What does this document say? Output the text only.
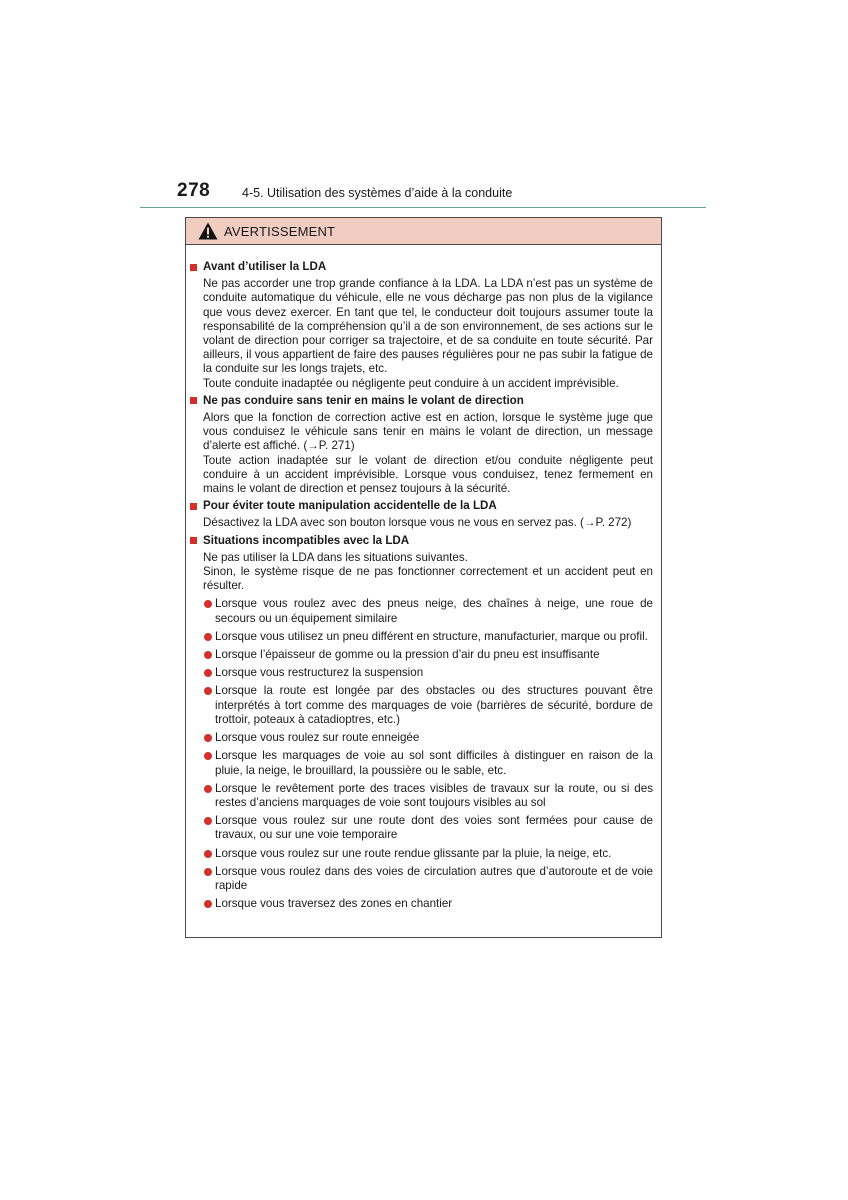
278	4-5. Utilisation des systèmes d’aide à la conduite
AVERTISSEMENT
Avant d’utiliser la LDA

Ne pas accorder une trop grande confiance à la LDA. La LDA n’est pas un système de conduite automatique du véhicule, elle ne vous décharge pas non plus de la vigilance que vous devez exercer. En tant que tel, le conducteur doit toujours assumer toute la responsabilité de la compréhension qu’il a de son environnement, de ses actions sur le volant de direction pour corriger sa trajectoire, et de sa conduite en toute sécurité. Par ailleurs, il vous appartient de faire des pauses régulières pour ne pas subir la fatigue de la conduite sur les longs trajets, etc.

Toute conduite inadaptée ou négligente peut conduire à un accident imprévisible.

Ne pas conduire sans tenir en mains le volant de direction

Alors que la fonction de correction active est en action, lorsque le système juge que vous conduisez le véhicule sans tenir en mains le volant de direction, un message d’alerte est affiché. (→P. 271)

Toute action inadaptée sur le volant de direction et/ou conduite négligente peut conduire à un accident imprévisible. Lorsque vous conduisez, tenez fermement en mains le volant de direction et pensez toujours à la sécurité.

Pour éviter toute manipulation accidentelle de la LDA

Désactivez la LDA avec son bouton lorsque vous ne vous en servez pas. (→P. 272)

Situations incompatibles avec la LDA

Ne pas utiliser la LDA dans les situations suivantes.

Sinon, le système risque de ne pas fonctionner correctement et un accident peut en résulter.

Lorsque vous roulez avec des pneus neige, des chaînes à neige, une roue de secours ou un équipement similaire
Lorsque vous utilisez un pneu différent en structure, manufacturier, marque ou profil.
Lorsque l’épaisseur de gomme ou la pression d’air du pneu est insuffisante
Lorsque vous restructurez la suspension
Lorsque la route est longée par des obstacles ou des structures pouvant être interprétés à tort comme des marquages de voie (barrières de sécurité, bordure de trottoir, poteaux à catadioptres, etc.)
Lorsque vous roulez sur route enneigée
Lorsque les marquages de voie au sol sont difficiles à distinguer en raison de la pluie, la neige, le brouillard, la poussière ou le sable, etc.
Lorsque le revêtement porte des traces visibles de travaux sur la route, ou si des restes d’anciens marquages de voie sont toujours visibles au sol
Lorsque vous roulez sur une route dont des voies sont fermées pour cause de travaux, ou sur une voie temporaire
Lorsque vous roulez sur une route rendue glissante par la pluie, la neige, etc.
Lorsque vous roulez dans des voies de circulation autres que d’autoroute et de voie rapide
Lorsque vous traversez des zones en chantier
